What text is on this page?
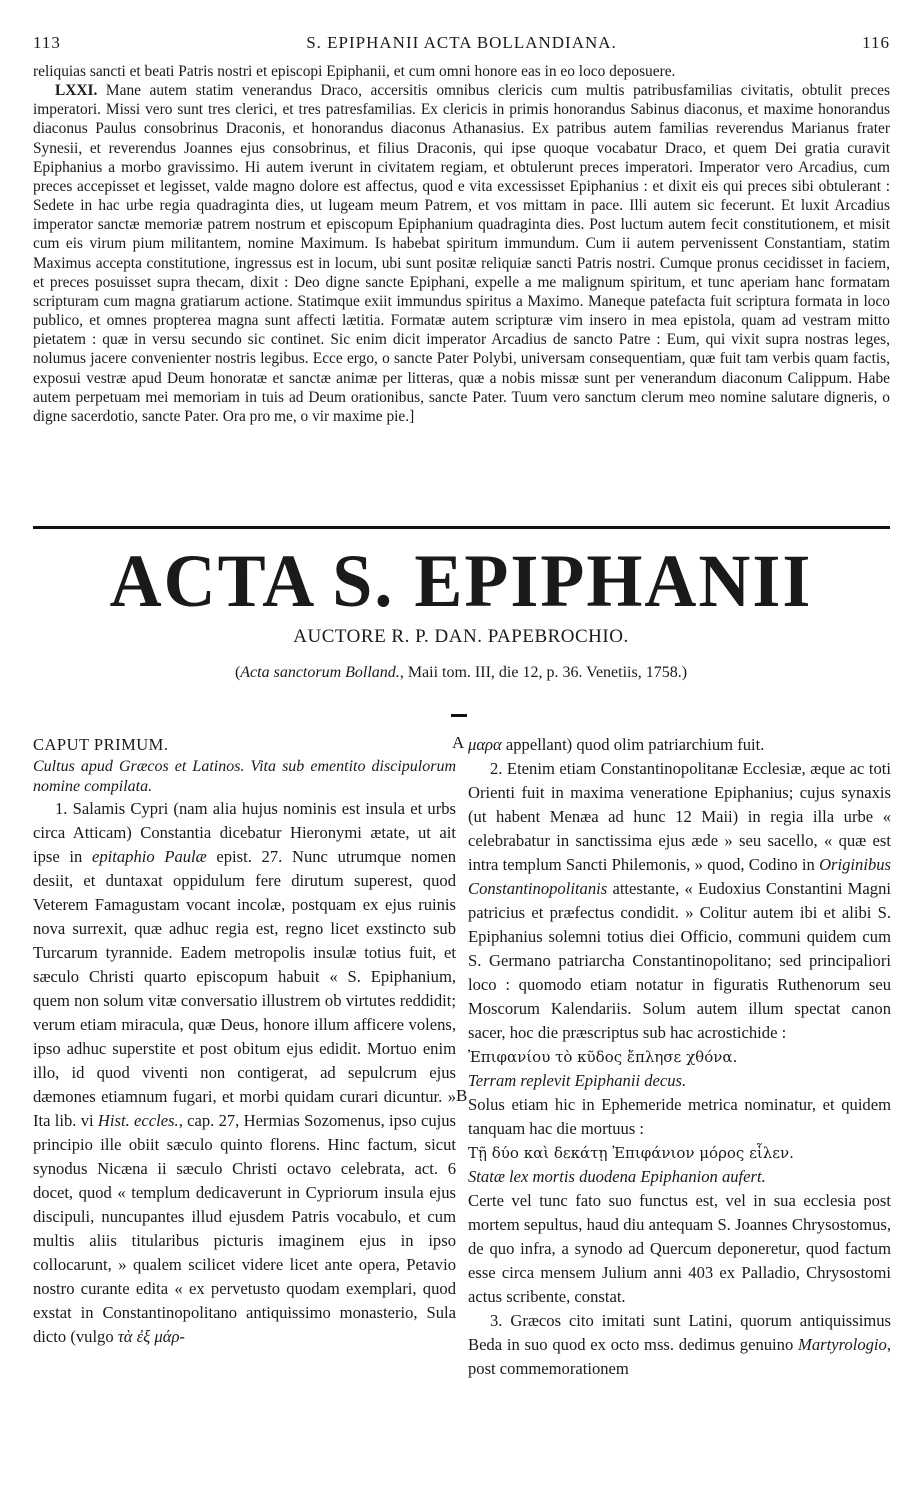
113	S. EPIPHANII ACTA BOLLANDIANA.	116

reliquias sancti et beati Patris nostri et episcopi Epiphanii, et cum omni honore eas in eo loco deposuere.

LXXI. Mane autem statim venerandus Draco, accersitis omnibus clericis cum multis patribusfamilias civitatis, obtulit preces imperatori. Missi vero sunt tres clerici, et tres patresfamilias. Ex clericis in primis honorandus Sabinus diaconus, et maxime honorandus diaconus Paulus consobrinus Draconis, et honorandus diaconus Athanasius. Ex patribus autem familias reverendus Marianus frater Synesii, et reverendus Joannes ejus consobrinus, et filius Draconis, qui ipse quoque vocabatur Draco, et quem Dei gratia curavit Epiphanius a morbo gravissimo. Hi autem iverunt in civitatem regiam, et obtulerunt preces imperatori. Imperator vero Arcadius, cum preces accepisset et legisset, valde magno dolore est affectus, quod e vita excessisset Epiphanius : et dixit eis qui preces sibi obtulerant : Sedete in hac urbe regia quadraginta dies, ut lugeam meum Patrem, et vos mittam in pace. Illi autem sic fecerunt. Et luxit Arcadius imperator sanctæ memoriæ patrem nostrum et episcopum Epiphanium quadraginta dies. Post luctum autem fecit constitutionem, et misit cum eis virum pium militantem, nomine Maximum. Is habebat spiritum immundum. Cum ii autem pervenissent Constantiam, statim Maximus accepta constitutione, ingressus est in locum, ubi sunt positæ reliquiæ sancti Patris nostri. Cumque pronus cecidisset in faciem, et preces posuisset supra thecam, dixit : Deo digne sancte Epiphani, expelle a me malignum spiritum, et tunc aperiam hanc formatam scripturam cum magna gratiarum actione. Statimque exiit immundus spiritus a Maximo. Maneque patefacta fuit scriptura formata in loco publico, et omnes propterea magna sunt affecti lætitia. Formatæ autem scripturæ vim insero in mea epistola, quam ad vestram mitto pietatem : quæ in versu secundo sic continet. Sic enim dicit imperator Arcadius de sancto Patre : Eum, qui vixit supra nostras leges, nolumus jacere convenienter nostris legibus. Ecce ergo, o sancte Pater Polybi, universam consequentiam, quæ fuit tam verbis quam factis, exposui vestræ apud Deum honoratæ et sanctæ animæ per litteras, quæ a nobis missæ sunt per venerandum diaconum Calippum. Habe autem perpetuam mei memoriam in tuis ad Deum orationibus, sancte Pater. Tuum vero sanctum clerum meo nomine salutare digneris, o digne sacerdotio, sancte Pater. Ora pro me, o vir maxime pie.]

ACTA S. EPIPHANII
AUCTORE R. P. DAN. PAPEBROCHIO.
(Acta sanctorum Bolland., Maii tom. III, die 12, p. 36. Venetiis, 1758.)

CAPUT PRIMUM.

Cultus apud Græcos et Latinos. Vita sub ementito discipulorum nomine compilata.

1. Salamis Cypri (nam alia hujus nominis est insula et urbs circa Atticam) Constantia dicebatur Hieronymi ætate, ut ait ipse in epitaphio Paulæ epist. 27. Nunc utrumque nomen desiit, et duntaxat oppidulum fere dirutum superest, quod Veterem Famagustam vocant incolæ, postquam ex ejus ruinis nova surrexit, quæ adhuc regia est, regno licet exstincto sub Turcarum tyrannide. Eadem metropolis insulæ totius fuit, et sæculo Christi quarto episcopum habuit « S. Epiphanium, quem non solum vitæ conversatio illustrem ob virtutes reddidit; verum etiam miracula, quæ Deus, honore illum afficere volens, ipso adhuc superstite et post obitum ejus edidit. Mortuo enim illo, id quod viventi non contigerat, ad sepulcrum ejus dæmones etiamnum fugari, et morbi quidam curari dicuntur. » Ita lib. vi Hist. eccles., cap. 27, Hermias Sozomenus, ipso cujus principio ille obiit sæculo quinto florens. Hinc factum, sicut synodus Nicæna ii sæculo Christi octavo celebrata, act. 6 docet, quod « templum dedicaverunt in Cypriorum insula ejus discipuli, nuncupantes illud ejusdem Patris vocabulo, et cum multis aliis titularibus picturis imaginem ejus in ipso collocarunt, » qualem scilicet videre licet ante opera, Petavio nostro curante edita « ex pervetusto quodam exemplari, quod exstat in Constantinopolitano antiquissimo monasterio, Sula dicto (vulgo τὰ ἐξ μάρ-

A
B

μαρα appellant) quod olim patriarchium fuit.

2. Etenim etiam Constantinopolitanæ Ecclesiæ, æque ac toti Orienti fuit in maxima veneratione Epiphanius; cujus synaxis (ut habent Menæa ad hunc 12 Maii) in regia illa urbe « celebrabatur in sanctissima ejus æde » seu sacello, « quæ est intra templum Sancti Philemonis, » quod, Codino in Originibus Constantinopolitanis attestante, « Eudoxius Constantini Magni patricius et præfectus condidit. » Colitur autem ibi et alibi S. Epiphanius solemni totius diei Officio, communi quidem cum S. Germano patriarcha Constantinopolitano; sed principaliori loco : quomodo etiam notatur in figuratis Ruthenorum seu Moscorum Kalendariis. Solum autem illum spectat canon sacer, hoc die præscriptus sub hac acrostichide :

Ἐπιφανίου τὸ κῦδος ἔπλησε χθόνα.

Terram replevit Epiphanii decus.

Solus etiam hic in Ephemeride metrica nominatur, et quidem tanquam hac die mortuus :

Τῇ δύο καὶ δεκάτῃ Ἐπιφάνιον μόρος εἷλεν.

Statæ lex mortis duodena Epiphanion aufert.

Certe vel tunc fato suo functus est, vel in sua ecclesia post mortem sepultus, haud diu antequam S. Joannes Chrysostomus, de quo infra, a synodo ad Quercum deponeretur, quod factum esse circa mensem Julium anni 403 ex Palladio, Chrysostomi actus scribente, constat.

3. Græcos cito imitati sunt Latini, quorum antiquissimus Beda in suo quod ex octo mss. dedimus genuino Martyrologio, post commemorationem
